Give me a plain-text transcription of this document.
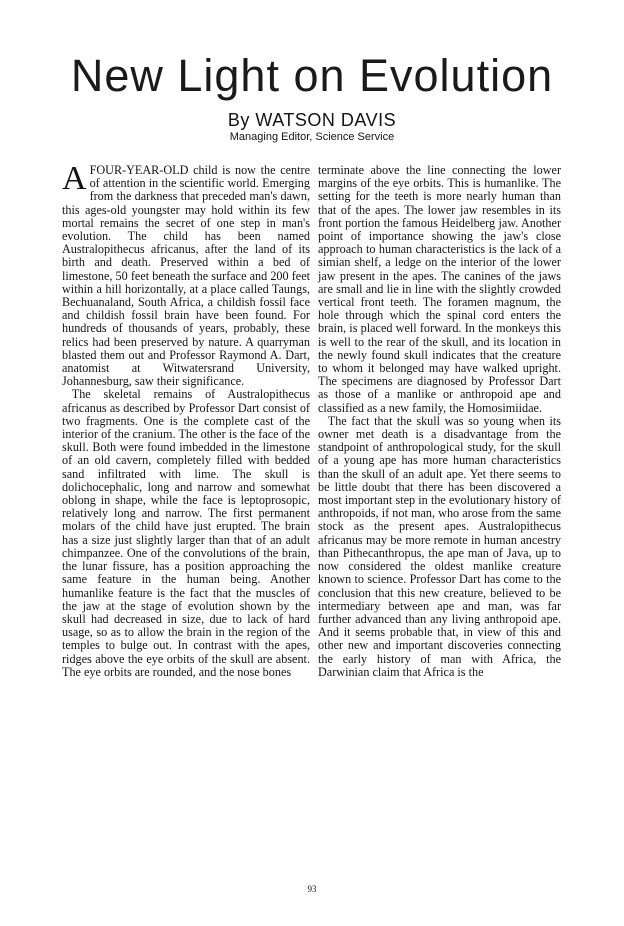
New Light on Evolution
By WATSON DAVIS
Managing Editor, Science Service

AFOUR-YEAR-OLD child is now the centre of attention in the scientific world. Emerging from the darkness that preceded man's dawn, this ages-old youngster may hold within its few mortal remains the secret of one step in man's evolution. The child has been named Australopithecus africanus, after the land of its birth and death. Preserved within a bed of limestone, 50 feet beneath the surface and 200 feet within a hill horizontally, at a place called Taungs, Bechuanaland, South Africa, a childish fossil face and childish fossil brain have been found. For hundreds of thousands of years, probably, these relics had been preserved by nature. A quarryman blasted them out and Professor Raymond A. Dart, anatomist at Witwatersrand University, Johannesburg, saw their significance.

The skeletal remains of Australopithecus africanus as described by Professor Dart consist of two fragments. One is the complete cast of the interior of the cranium. The other is the face of the skull. Both were found imbedded in the limestone of an old cavern, completely filled with bedded sand infiltrated with lime. The skull is dolichocephalic, long and narrow and somewhat oblong in shape, while the face is leptoprosopic, relatively long and narrow. The first permanent molars of the child have just erupted. The brain has a size just slightly larger than that of an adult chimpanzee. One of the convolutions of the brain, the lunar fissure, has a position approaching the same feature in the human being. Another humanlike feature is the fact that the muscles of the jaw at the stage of evolution shown by the skull had decreased in size, due to lack of hard usage, so as to allow the brain in the region of the temples to bulge out. In contrast with the apes, ridges above the eye orbits of the skull are absent. The eye orbits are rounded, and the nose bones

terminate above the line connecting the lower margins of the eye orbits. This is humanlike. The setting for the teeth is more nearly human than that of the apes. The lower jaw resembles in its front portion the famous Heidelberg jaw. Another point of importance showing the jaw's close approach to human characteristics is the lack of a simian shelf, a ledge on the interior of the lower jaw present in the apes. The canines of the jaws are small and lie in line with the slightly crowded vertical front teeth. The foramen magnum, the hole through which the spinal cord enters the brain, is placed well forward. In the monkeys this is well to the rear of the skull, and its location in the newly found skull indicates that the creature to whom it belonged may have walked upright. The specimens are diagnosed by Professor Dart as those of a manlike or anthropoid ape and classified as a new family, the Homosimiidae.

The fact that the skull was so young when its owner met death is a disadvantage from the standpoint of anthropological study, for the skull of a young ape has more human characteristics than the skull of an adult ape. Yet there seems to be little doubt that there has been discovered a most important step in the evolutionary history of anthropoids, if not man, who arose from the same stock as the present apes. Australopithecus africanus may be more remote in human ancestry than Pithecanthropus, the ape man of Java, up to now considered the oldest manlike creature known to science. Professor Dart has come to the conclusion that this new creature, believed to be intermediary between ape and man, was far further advanced than any living anthropoid ape. And it seems probable that, in view of this and other new and important discoveries connecting the early history of man with Africa, the Darwinian claim that Africa is the

93
